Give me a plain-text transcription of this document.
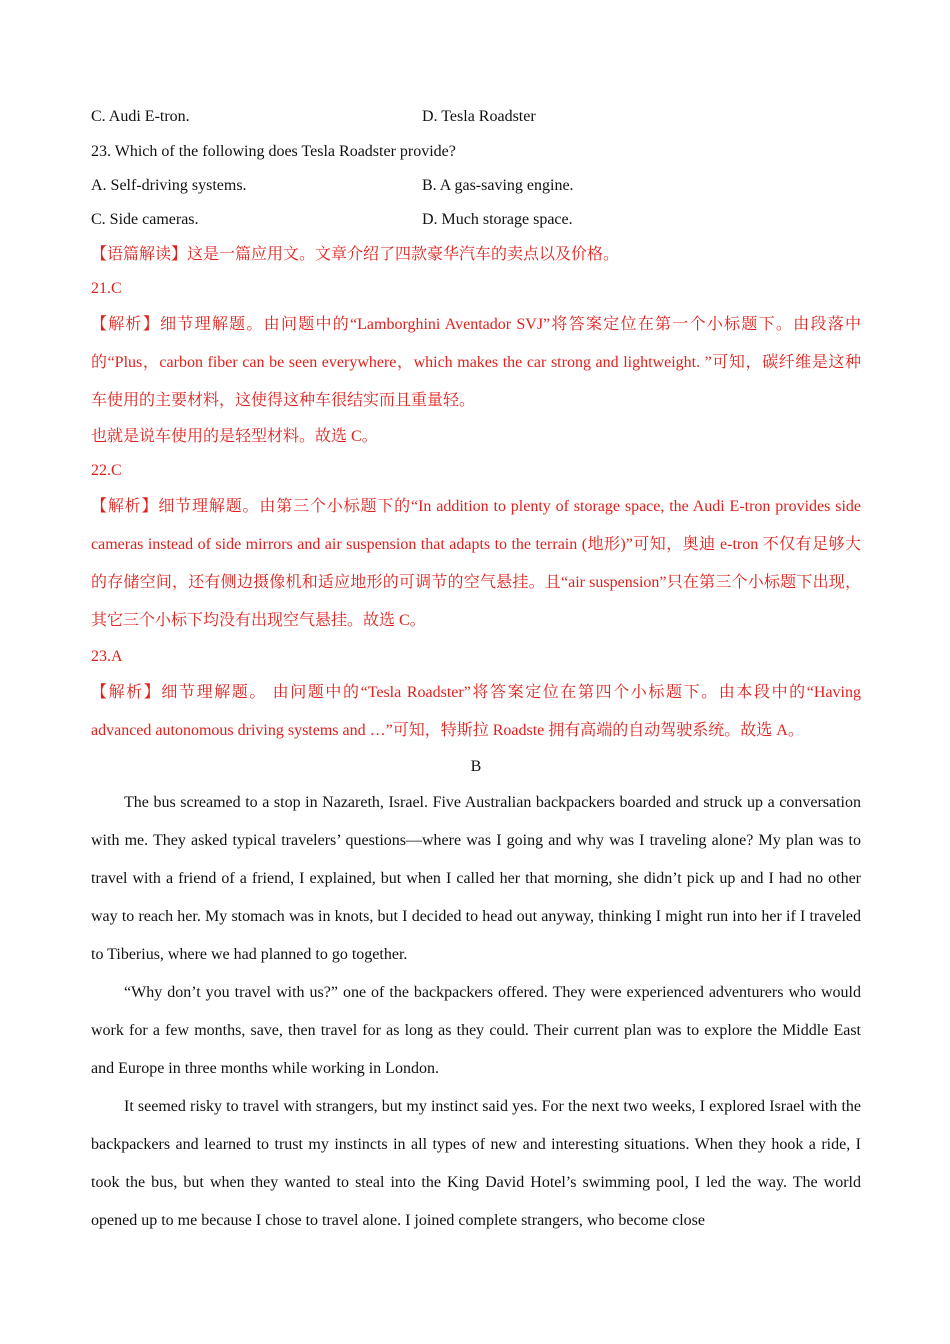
C. Audi E-tron.	D. Tesla Roadster
23. Which of the following does Tesla Roadster provide?
A. Self-driving systems.	B. A gas-saving engine.
C. Side cameras.	D. Much storage space.
【语篇解读】这是一篇应用文。文章介绍了四款豪华汽车的卖点以及价格。
21.C
【解析】细节理解题。由问题中的“Lamborghini Aventador SVJ”将答案定位在第一个小标题下。由段落中的“Plus，carbon fiber can be seen everywhere，which makes the car strong and lightweight. ”可知，碳纤维是这种车使用的主要材料，这使得这种车很结实而且重量轻。
也就是说车使用的是轻型材料。故选 C。
22.C
【解析】细节理解题。由第三个小标题下的“In addition to plenty of storage space, the Audi E-tron provides side cameras instead of side mirrors and air suspension that adapts to the terrain (地形)”可知，奥迪 e-tron 不仅有足够大的存储空间，还有侧边摄像机和适应地形的可调节的空气悬挂。且“air suspension”只在第三个小标题下出现，其它三个小标下均没有出现空气悬挂。故选 C。
23.A
【解析】细节理解题。 由问题中的“Tesla Roadster”将答案定位在第四个小标题下。由本段中的“Having advanced autonomous driving systems and …”可知，特斯拉 Roadste 拥有高端的自动驾驶系统。故选 A。
B
The bus screamed to a stop in Nazareth, Israel. Five Australian backpackers boarded and struck up a conversation with me. They asked typical travelers’ questions—where was I going and why was I traveling alone? My plan was to travel with a friend of a friend, I explained, but when I called her that morning, she didn’t pick up and I had no other way to reach her. My stomach was in knots, but I decided to head out anyway, thinking I might run into her if I traveled to Tiberius, where we had planned to go together.
“Why don’t you travel with us?” one of the backpackers offered. They were experienced adventurers who would work for a few months, save, then travel for as long as they could. Their current plan was to explore the Middle East and Europe in three months while working in London.
It seemed risky to travel with strangers, but my instinct said yes. For the next two weeks, I explored Israel with the backpackers and learned to trust my instincts in all types of new and interesting situations. When they hook a ride, I took the bus, but when they wanted to steal into the King David Hotel’s swimming pool, I led the way. The world opened up to me because I chose to travel alone. I joined complete strangers, who become close
